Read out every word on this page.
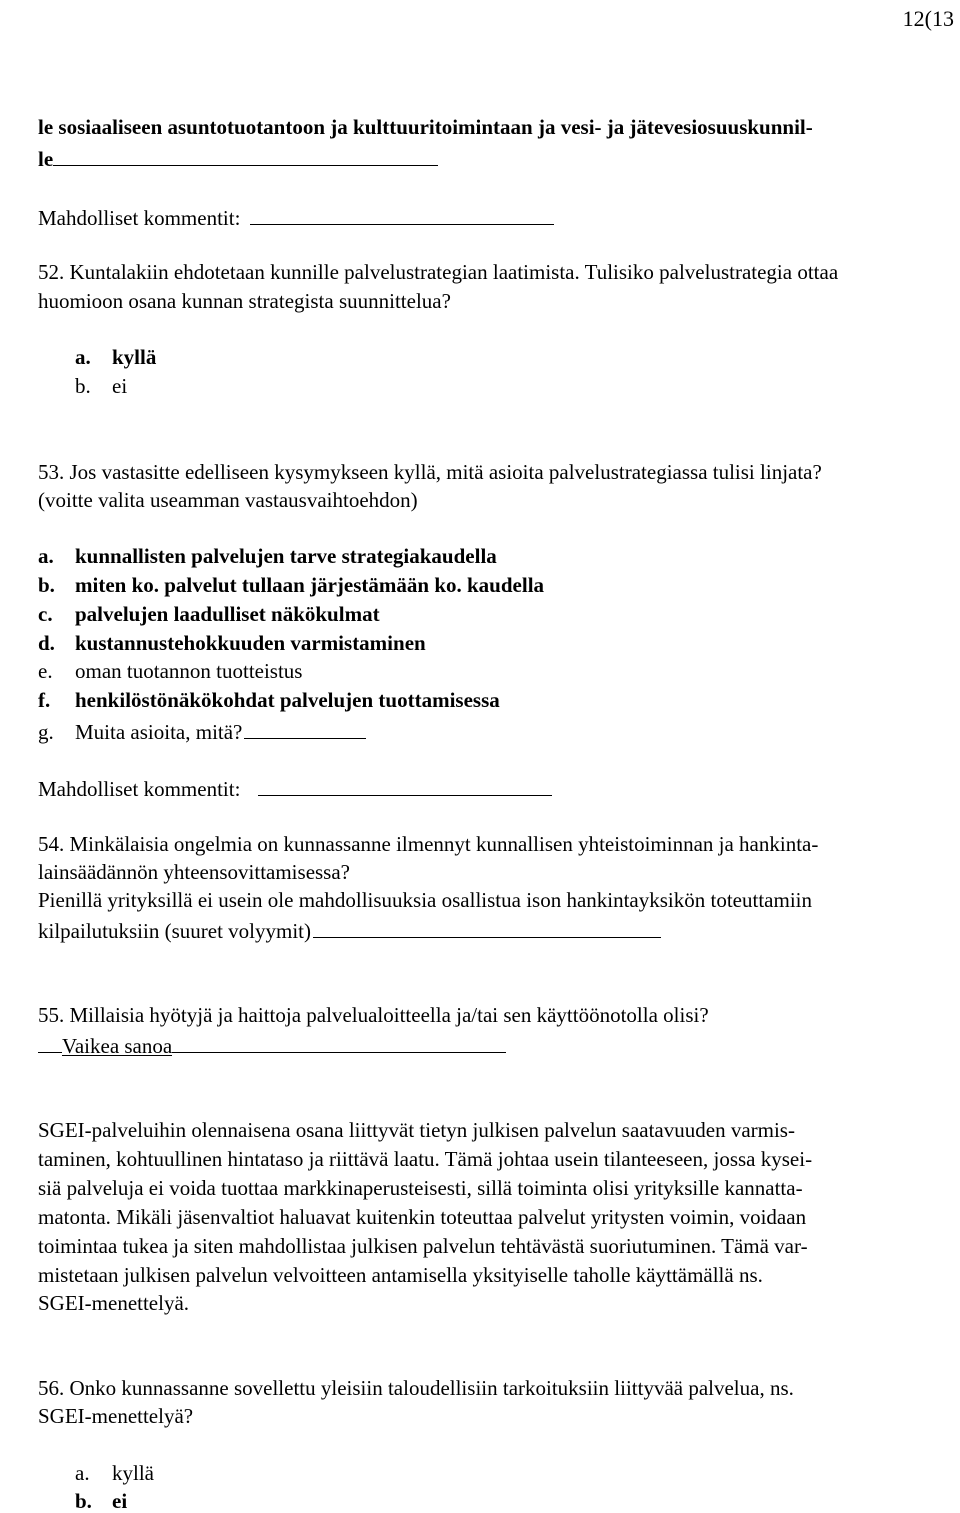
12(13
le sosiaaliseen asuntotuotantoon ja kulttuuritoimintaan ja vesi- ja jätevesiosuuskunnil-
le
Mahdolliset kommentit:
52. Kuntalakiin ehdotetaan kunnille palvelustrategian laatimista. Tulisiko palvelustrategia ottaa
huomioon osana kunnan strategista suunnittelua?
a. kyllä
b. ei
53. Jos vastasitte edelliseen kysymykseen kyllä, mitä asioita palvelustrategiassa tulisi linjata?
(voitte valita useamman vastausvaihtoehdon)
a. kunnallisten palvelujen tarve strategiakaudella
b. miten ko. palvelut tullaan järjestämään ko. kaudella
c. palvelujen laadulliset näkökulmat
d. kustannustehokkuuden varmistaminen
e. oman tuotannon tuotteistus
f. henkilöstönäkökohdat palvelujen tuottamisessa
g. Muita asioita, mitä?
Mahdolliset kommentit:
54. Minkälaisia ongelmia on kunnassanne ilmennyt kunnallisen yhteistoiminnan ja hankinta-
lainsäädännön yhteensovittamisessa?
Pienillä yrityksillä ei usein ole mahdollisuuksia osallistua ison hankintayksikön toteuttamiin
kilpailutuksiin (suuret volyymit)
55. Millaisia hyötyjä ja haittoja palvelualoitteella ja/tai sen käyttöönotolla olisi?
Vaikea sanoa
SGEI-palveluihin olennaisena osana liittyvät tietyn julkisen palvelun saatavuuden varmis-
taminen, kohtuullinen hintataso ja riittävä laatu. Tämä johtaa usein tilanteeseen, jossa kysei-
siä palveluja ei voida tuottaa markkinaperusteisesti, sillä toiminta olisi yrityksille kannatta-
matonta. Mikäli jäsenvaltiot haluavat kuitenkin toteuttaa palvelut yritysten voimin, voidaan
toimintaa tukea ja siten mahdollistaa julkisen palvelun tehtävästä suoriutuminen. Tämä var-
mistetaan julkisen palvelun velvoitteen antamisella yksityiselle taholle käyttämällä ns.
SGEI-menettelyä.
56. Onko kunnassanne sovellettu yleisiin taloudellisiin tarkoituksiin liittyvää palvelua, ns.
SGEI-menettelyä?
a. kyllä
b. ei
